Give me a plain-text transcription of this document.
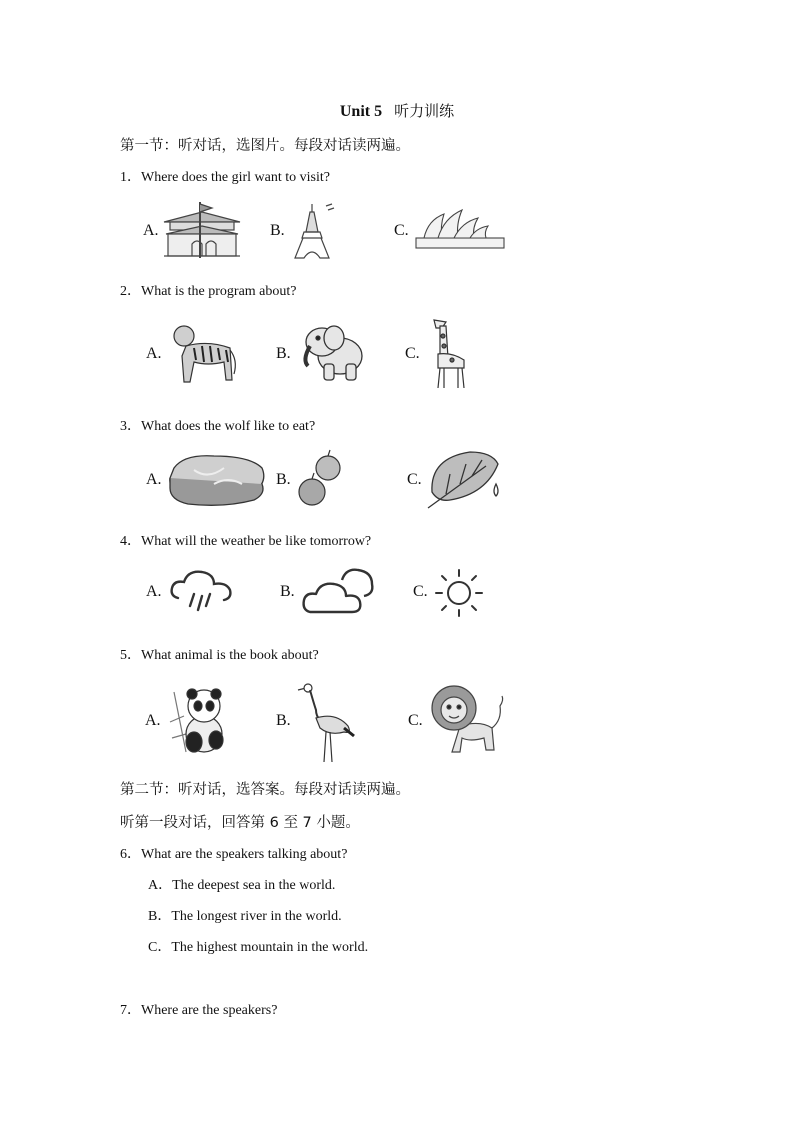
Unit 5 听力训练
第一节：听对话，选图片。每段对话读两遍。
1．Where does the girl want to visit?
A.	B.	C.
2．What is the program about?
A.	B.	C.
3．What does the wolf like to eat?
A.	B.	C.
4．What will the weather be like tomorrow?
A.	B.	C.
5．What animal is the book about?
A.	B.	C.
第二节：听对话，选答案。每段对话读两遍。
听第一段对话，回答第 6 至 7 小题。
6．What are the speakers talking about?
A．The deepest sea in the world.
B．The longest river in the world.
C．The highest mountain in the world.
7．Where are the speakers?
